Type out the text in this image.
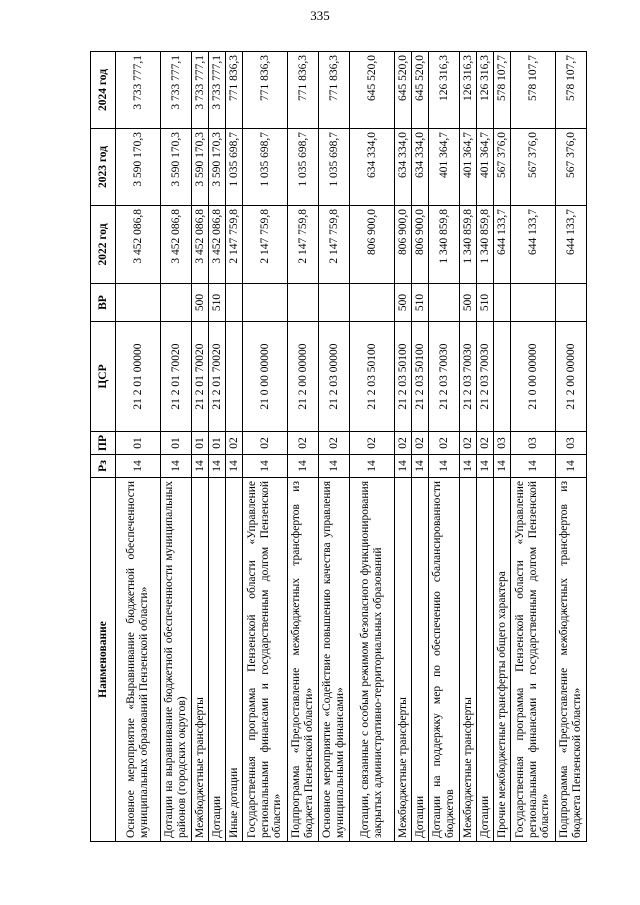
335
Наименование	Рз	ПР	ЦСР	ВР	2022 год	2023 год	2024 год
Основное мероприятие «Выравнивание бюджетной обеспеченности муниципальных образований Пензенской области»	14	01	21 2 01 00000		3 452 086,8	3 590 170,3	3 733 777,1
Дотации на выравнивание бюджетной обеспеченности муниципальных районов (городских округов)	14	01	21 2 01 70020		3 452 086,8	3 590 170,3	3 733 777,1
Межбюджетные трансферты	14	01	21 2 01 70020	500	3 452 086,8	3 590 170,3	3 733 777,1
Дотации	14	01	21 2 01 70020	510	3 452 086,8	3 590 170,3	3 733 777,1
Иные дотации	14	02			2 147 759,8	1 035 698,7	771 836,3
Государственная программа Пензенской области «Управление региональными финансами и государственным долгом Пензенской области»	14	02	21 0 00 00000		2 147 759,8	1 035 698,7	771 836,3
Подпрограмма «Предоставление межбюджетных трансфертов из бюджета Пензенской области»	14	02	21 2 00 00000		2 147 759,8	1 035 698,7	771 836,3
Основное мероприятие «Содействие повышению качества управления муниципальными финансами»	14	02	21 2 03 00000		2 147 759,8	1 035 698,7	771 836,3
Дотации, связанные с особым режимом безопасного функционирования закрытых административно-территориальных образований	14	02	21 2 03 50100		806 900,0	634 334,0	645 520,0
Межбюджетные трансферты	14	02	21 2 03 50100	500	806 900,0	634 334,0	645 520,0
Дотации	14	02	21 2 03 50100	510	806 900,0	634 334,0	645 520,0
Дотации на поддержку мер по обеспечению сбалансированности бюджетов	14	02	21 2 03 70030		1 340 859,8	401 364,7	126 316,3
Межбюджетные трансферты	14	02	21 2 03 70030	500	1 340 859,8	401 364,7	126 316,3
Дотации	14	02	21 2 03 70030	510	1 340 859,8	401 364,7	126 316,3
Прочие межбюджетные трансферты общего характера	14	03			644 133,7	567 376,0	578 107,7
Государственная программа Пензенской области «Управление региональными финансами и государственным долгом Пензенской области»	14	03	21 0 00 00000		644 133,7	567 376,0	578 107,7
Подпрограмма «Предоставление межбюджетных трансфертов из бюджета Пензенской области»	14	03	21 2 00 00000		644 133,7	567 376,0	578 107,7
